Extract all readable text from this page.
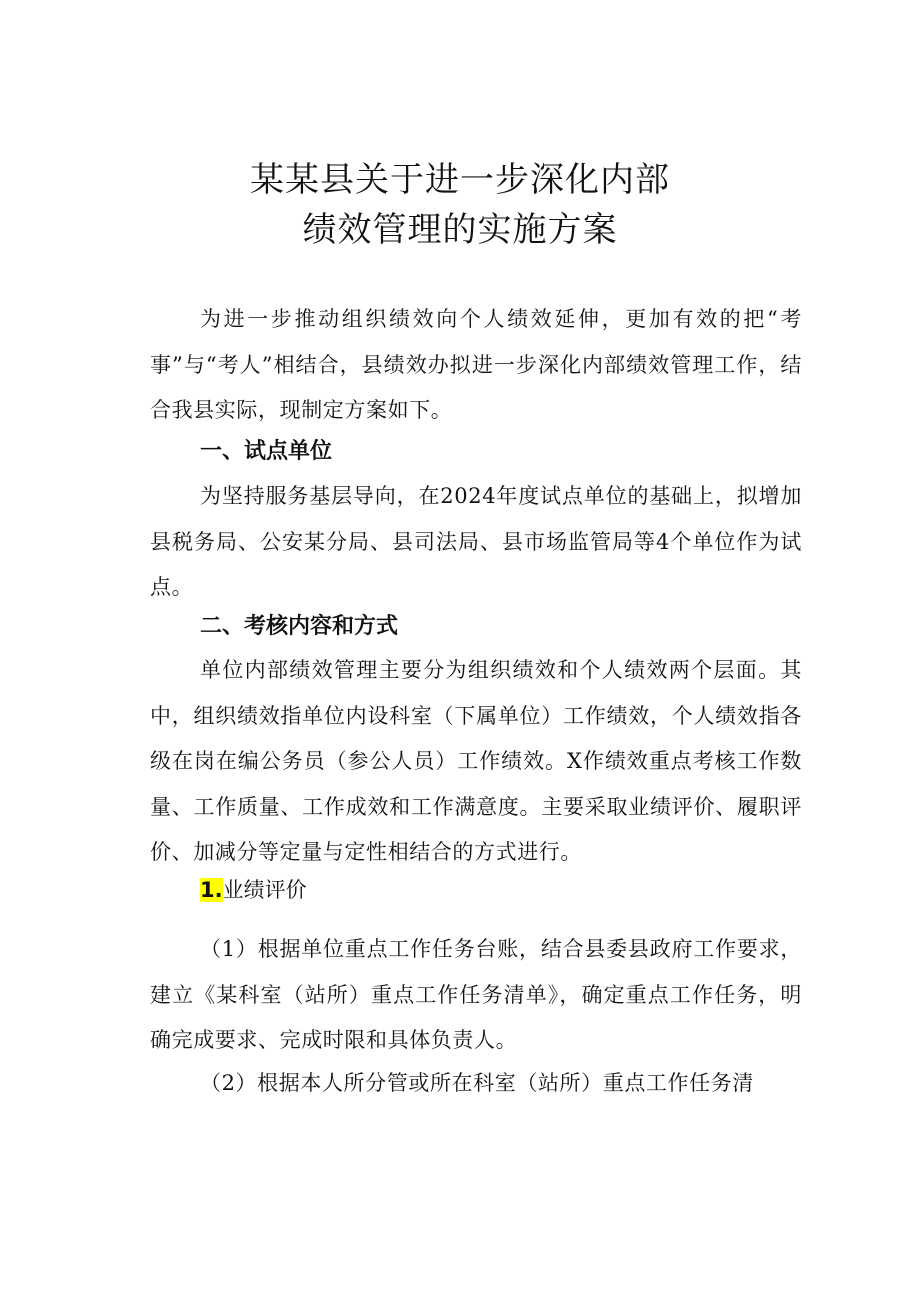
某某县关于进一步深化内部
绩效管理的实施方案

为进一步推动组织绩效向个人绩效延伸，更加有效的把“考事”与“考人”相结合，县绩效办拟进一步深化内部绩效管理工作，结合我县实际，现制定方案如下。

一、试点单位

为坚持服务基层导向，在2024年度试点单位的基础上，拟增加县税务局、公安某分局、县司法局、县市场监管局等4个单位作为试点。

二、考核内容和方式

单位内部绩效管理主要分为组织绩效和个人绩效两个层面。其中，组织绩效指单位内设科室（下属单位）工作绩效，个人绩效指各级在岗在编公务员（参公人员）工作绩效。X作绩效重点考核工作数量、工作质量、工作成效和工作满意度。主要采取业绩评价、履职评价、加减分等定量与定性相结合的方式进行。

1.业绩评价

（1）根据单位重点工作任务台账，结合县委县政府工作要求，建立《某科室（站所）重点工作任务清单》，确定重点工作任务，明确完成要求、完成时限和具体负责人。

（2）根据本人所分管或所在科室（站所）重点工作任务清
